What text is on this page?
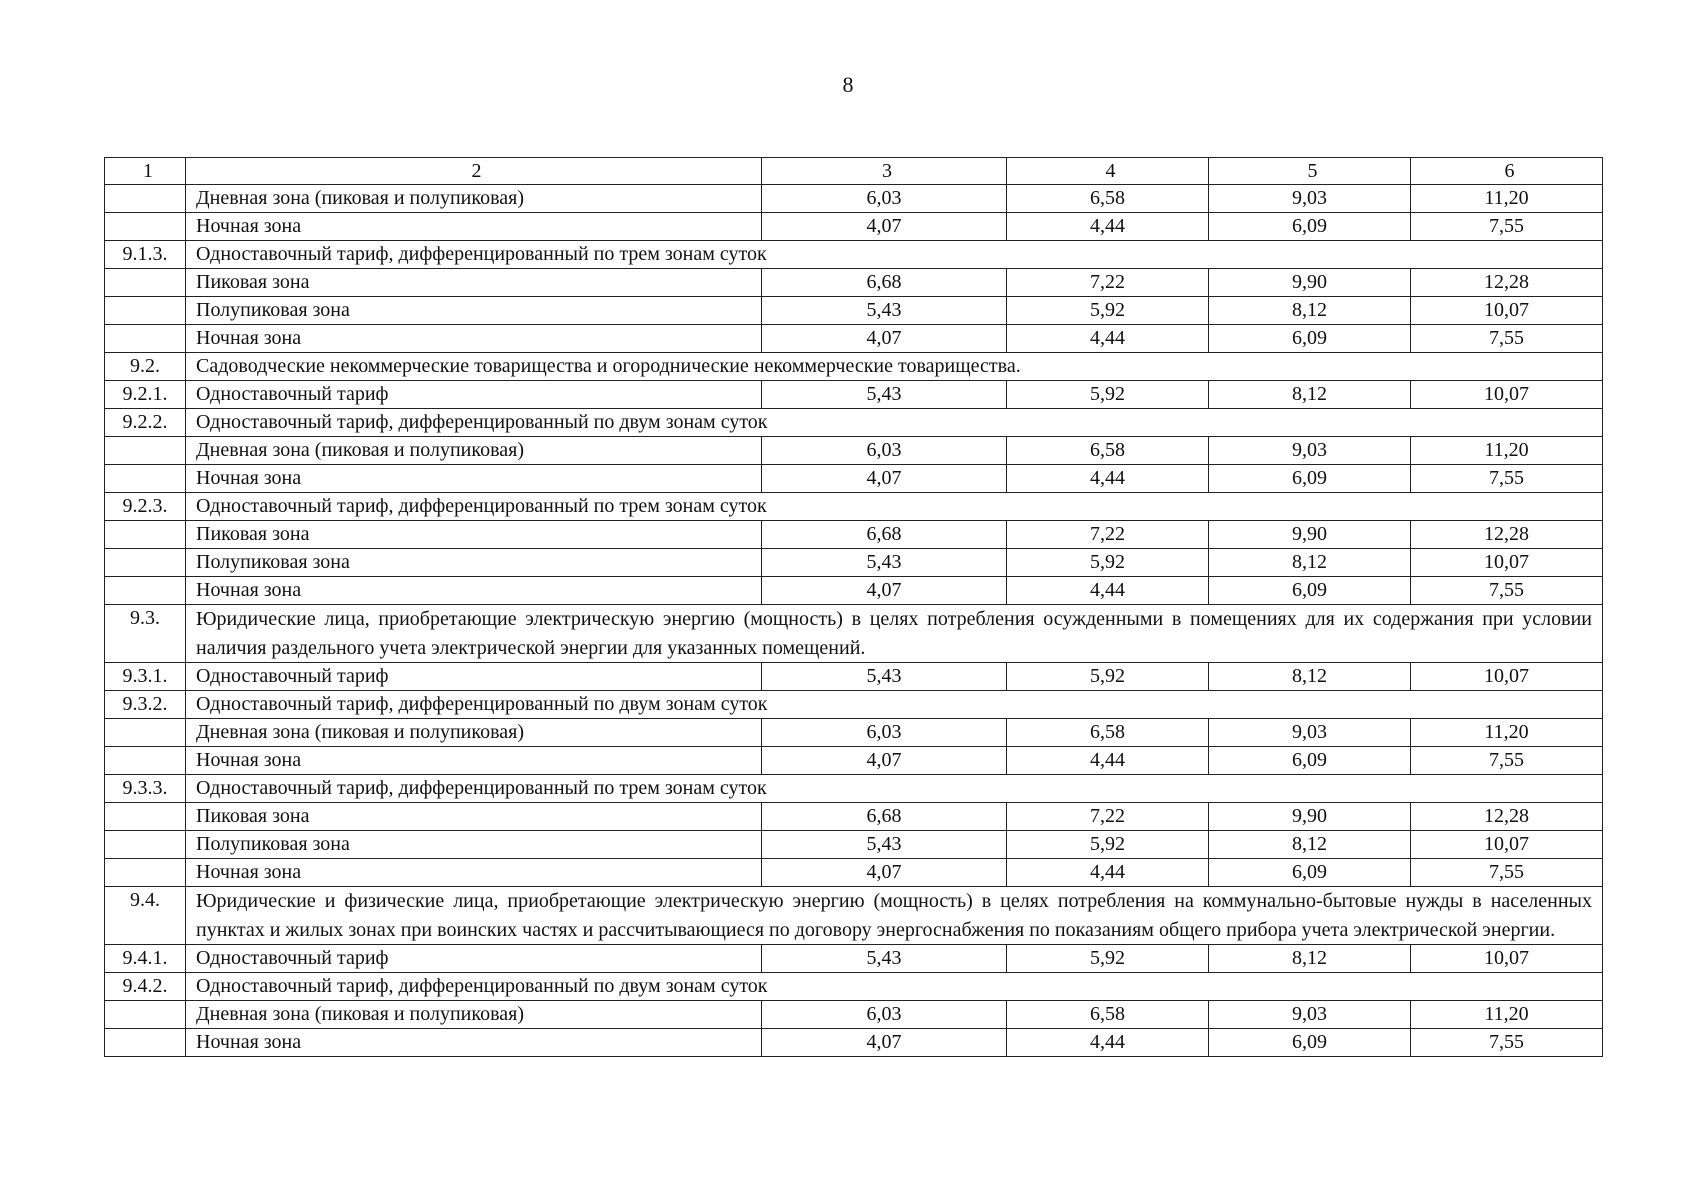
8
1	2	3	4	5	6
	Дневная зона (пиковая и полупиковая)	6,03	6,58	9,03	11,20
	Ночная зона	4,07	4,44	6,09	7,55
9.1.3.	Одноставочный тариф, дифференцированный по трем зонам суток				
	Пиковая зона	6,68	7,22	9,90	12,28
	Полупиковая зона	5,43	5,92	8,12	10,07
	Ночная зона	4,07	4,44	6,09	7,55
9.2.	Садоводческие некоммерческие товарищества и огороднические некоммерческие товарищества.				
9.2.1.	Одноставочный тариф	5,43	5,92	8,12	10,07
9.2.2.	Одноставочный тариф, дифференцированный по двум зонам суток				
	Дневная зона (пиковая и полупиковая)	6,03	6,58	9,03	11,20
	Ночная зона	4,07	4,44	6,09	7,55
9.2.3.	Одноставочный тариф, дифференцированный по трем зонам суток				
	Пиковая зона	6,68	7,22	9,90	12,28
	Полупиковая зона	5,43	5,92	8,12	10,07
	Ночная зона	4,07	4,44	6,09	7,55
9.3.	Юридические лица, приобретающие электрическую энергию (мощность) в целях потребления осужденными в помещениях для их содержания при условии наличия раздельного учета электрической энергии для указанных помещений.				
9.3.1.	Одноставочный тариф	5,43	5,92	8,12	10,07
9.3.2.	Одноставочный тариф, дифференцированный по двум зонам суток				
	Дневная зона (пиковая и полупиковая)	6,03	6,58	9,03	11,20
	Ночная зона	4,07	4,44	6,09	7,55
9.3.3.	Одноставочный тариф, дифференцированный по трем зонам суток				
	Пиковая зона	6,68	7,22	9,90	12,28
	Полупиковая зона	5,43	5,92	8,12	10,07
	Ночная зона	4,07	4,44	6,09	7,55
9.4.	Юридические и физические лица, приобретающие электрическую энергию (мощность) в целях потребления на коммунально-бытовые нужды в населенных пунктах и жилых зонах при воинских частях и рассчитывающиеся по договору энергоснабжения по показаниям общего прибора учета электрической энергии.				
9.4.1.	Одноставочный тариф	5,43	5,92	8,12	10,07
9.4.2.	Одноставочный тариф, дифференцированный по двум зонам суток				
	Дневная зона (пиковая и полупиковая)	6,03	6,58	9,03	11,20
	Ночная зона	4,07	4,44	6,09	7,55
